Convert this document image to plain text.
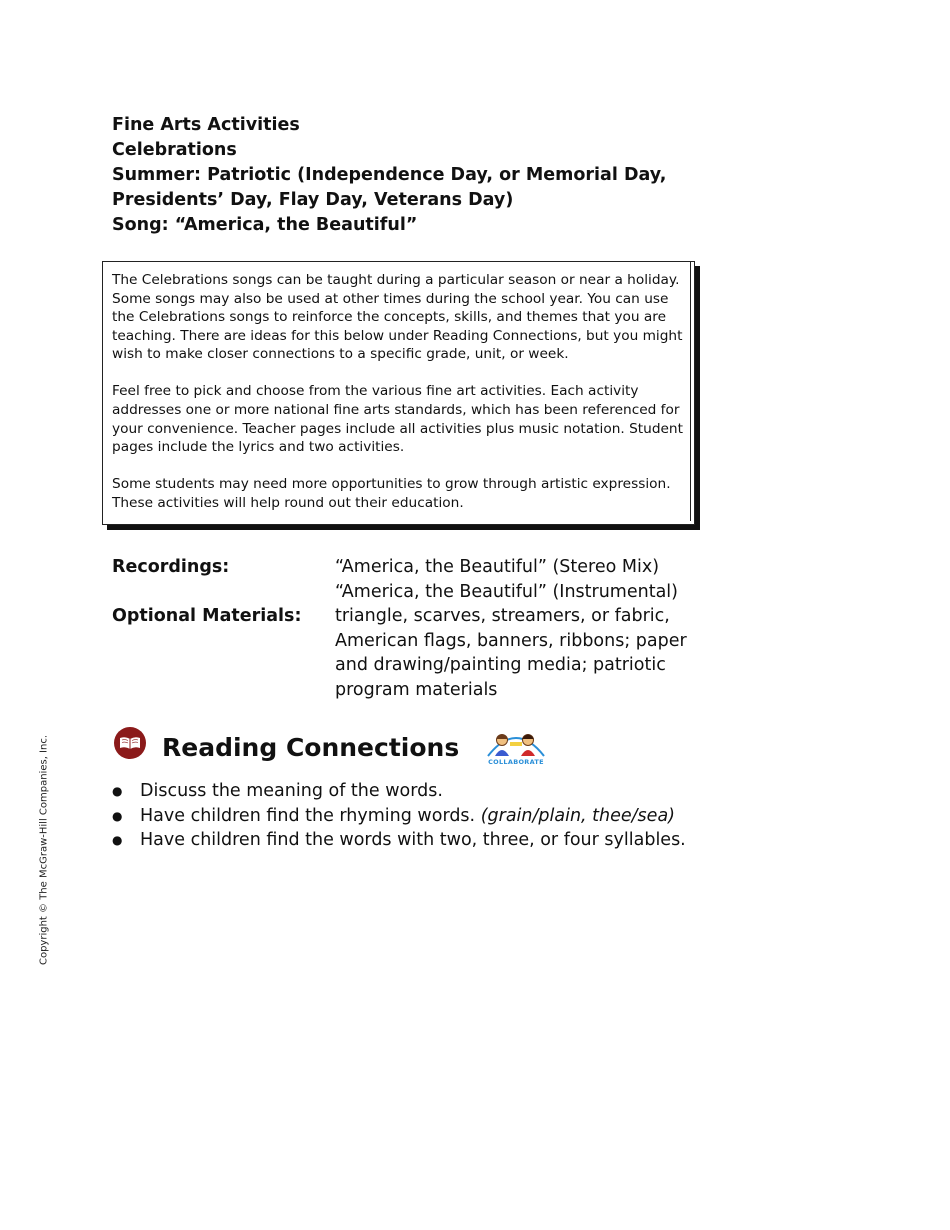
Fine Arts Activities
Celebrations
Summer: Patriotic (Independence Day, or Memorial Day,
Presidents’ Day, Flay Day, Veterans Day)
Song: “America, the Beautiful”

The Celebrations songs can be taught during a particular season or near a holiday. Some songs may also be used at other times during the school year. You can use the Celebrations songs to reinforce the concepts, skills, and themes that you are teaching. There are ideas for this below under Reading Connections, but you might wish to make closer connections to a specific grade, unit, or week.

Feel free to pick and choose from the various fine art activities. Each activity addresses one or more national fine arts standards, which has been referenced for your convenience. Teacher pages include all activities plus music notation. Student pages include the lyrics and two activities.

Some students may need more opportunities to grow through artistic expression. These activities will help round out their education.

Recordings:	“America, the Beautiful” (Stereo Mix)
“America, the Beautiful” (Instrumental)
Optional Materials: triangle, scarves, streamers, or fabric,
American flags, banners, ribbons; paper
and drawing/painting media; patriotic
program materials
Reading Connections	COLLABORATE
● Discuss the meaning of the words.
● Have children find the rhyming words. (grain/plain, thee/sea)
● Have children find the words with two, three, or four syllables.
Copyright © The McGraw-Hill Companies, Inc.
